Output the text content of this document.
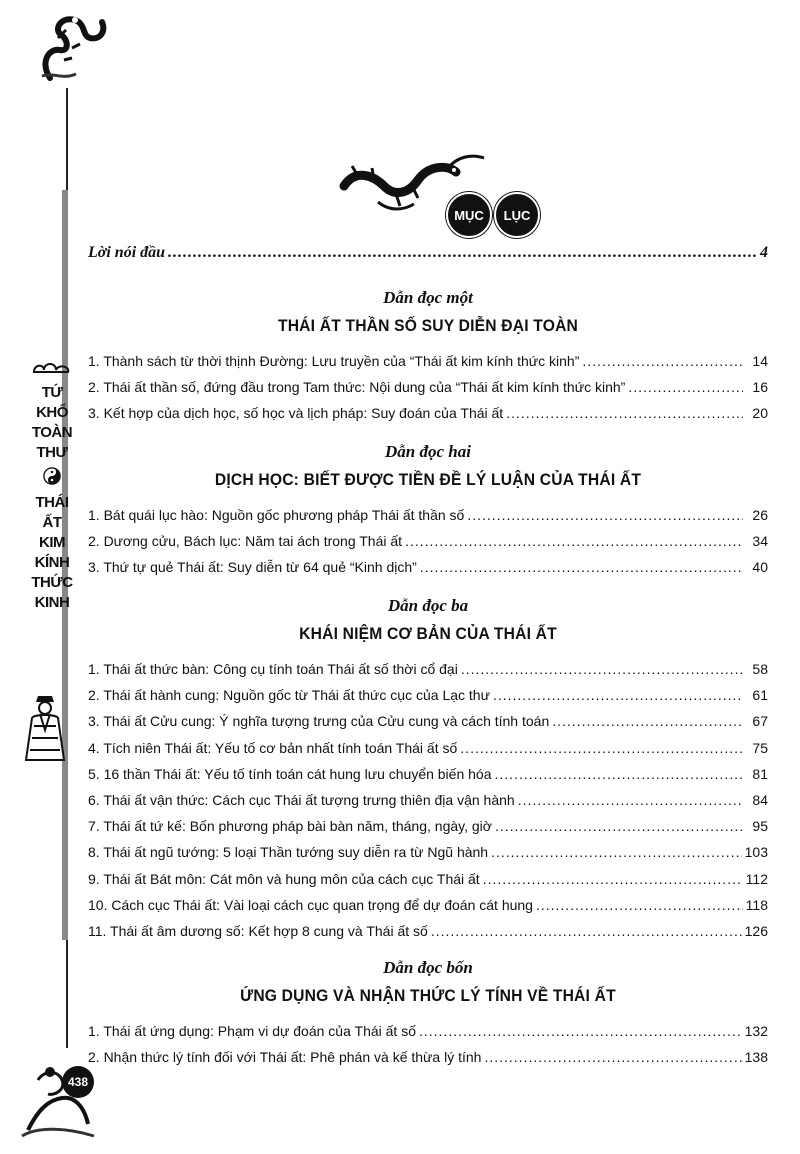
TỨ
KHỐ
TOÀN
THƯ
THÁI
ẤT
KIM
KÍNH
THỨC
KINH
438
MỤC	LỤC
Lời nói đầu .....	4

Dẫn đọc một

THÁI ẤT THẦN SỐ SUY DIỄN ĐẠI TOÀN

1. Thành sách từ thời thịnh Đường: Lưu truyền của “Thái ất kim kính thức kinh” .....	14
2. Thái ất thần số, đứng đầu trong Tam thức: Nội dung của “Thái ất kim kính thức kinh” .....	16
3. Kết hợp của dịch học, số học và lịch pháp: Suy đoán của Thái ất .....	20

Dẫn đọc hai

DỊCH HỌC: BIẾT ĐƯỢC TIỀN ĐỀ LÝ LUẬN CỦA THÁI ẤT

1. Bát quái lục hào: Nguồn gốc phương pháp Thái ất thần số .....	26
2. Dương cửu, Bách lục: Năm tai ách trong Thái ất .....	34
3. Thứ tự quẻ Thái ất: Suy diễn từ 64 quẻ “Kinh dịch” .....	40

Dẫn đọc ba

KHÁI NIỆM CƠ BẢN CỦA THÁI ẤT

1. Thái ất thức bàn: Công cụ tính toán Thái ất số thời cổ đại .....	58
2. Thái ất hành cung: Nguồn gốc từ Thái ất thức cục của Lạc thư .....	61
3. Thái ất Cửu cung: Ý nghĩa tượng trưng của Cửu cung và cách tính toán .....	67
4. Tích niên Thái ất: Yếu tố cơ bản nhất tính toán Thái ất số .....	75
5. 16 thần Thái ất: Yếu tố tính toán cát hung lưu chuyển biến hóa .....	81
6. Thái ất vận thức: Cách cục Thái ất tượng trưng thiên địa vận hành .....	84
7. Thái ất tứ kế: Bốn phương pháp bài bàn năm, tháng, ngày, giờ .....	95
8. Thái ất ngũ tướng: 5 loại Thần tướng suy diễn ra từ Ngũ hành .....	103
9. Thái ất Bát môn: Cát môn và hung môn của cách cục Thái ất .....	112
10. Cách cục Thái ất: Vài loại cách cục quan trọng để dự đoán cát hung .....	118
11. Thái ất âm dương số: Kết hợp 8 cung và Thái ất số .....	126

Dẫn đọc bốn

ỨNG DỤNG VÀ NHẬN THỨC LÝ TÍNH VỀ THÁI ẤT

1. Thái ất ứng dụng: Phạm vi dự đoán của Thái ất số .....	132
2. Nhận thức lý tính đối với Thái ất: Phê phán và kế thừa lý tính .....	138
